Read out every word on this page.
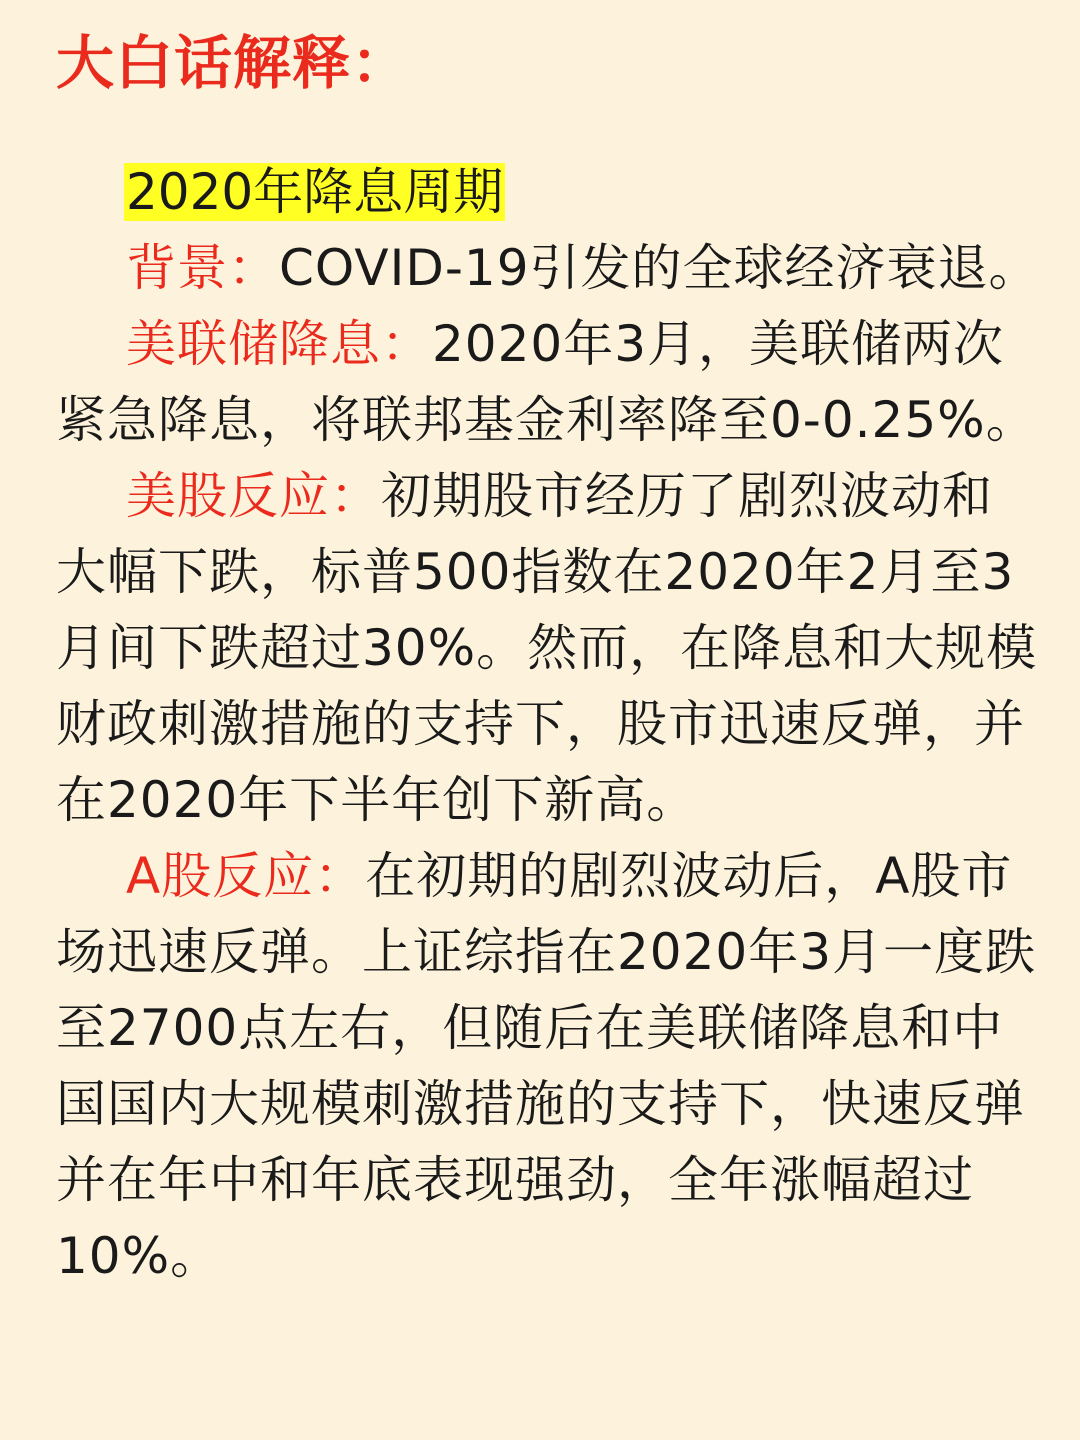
大白话解释：
2020年降息周期

背景：COVID-19引发的全球经济衰退。

美联储降息：2020年3月，美联储两次紧急降息，将联邦基金利率降至0-0.25%。

美股反应：初期股市经历了剧烈波动和大幅下跌，标普500指数在2020年2月至3月间下跌超过30%。然而，在降息和大规模财政刺激措施的支持下，股市迅速反弹，并在2020年下半年创下新高。

A股反应：在初期的剧烈波动后，A股市场迅速反弹。上证综指在2020年3月一度跌至2700点左右，但随后在美联储降息和中国国内大规模刺激措施的支持下，快速反弹并在年中和年底表现强劲，全年涨幅超过10%。
